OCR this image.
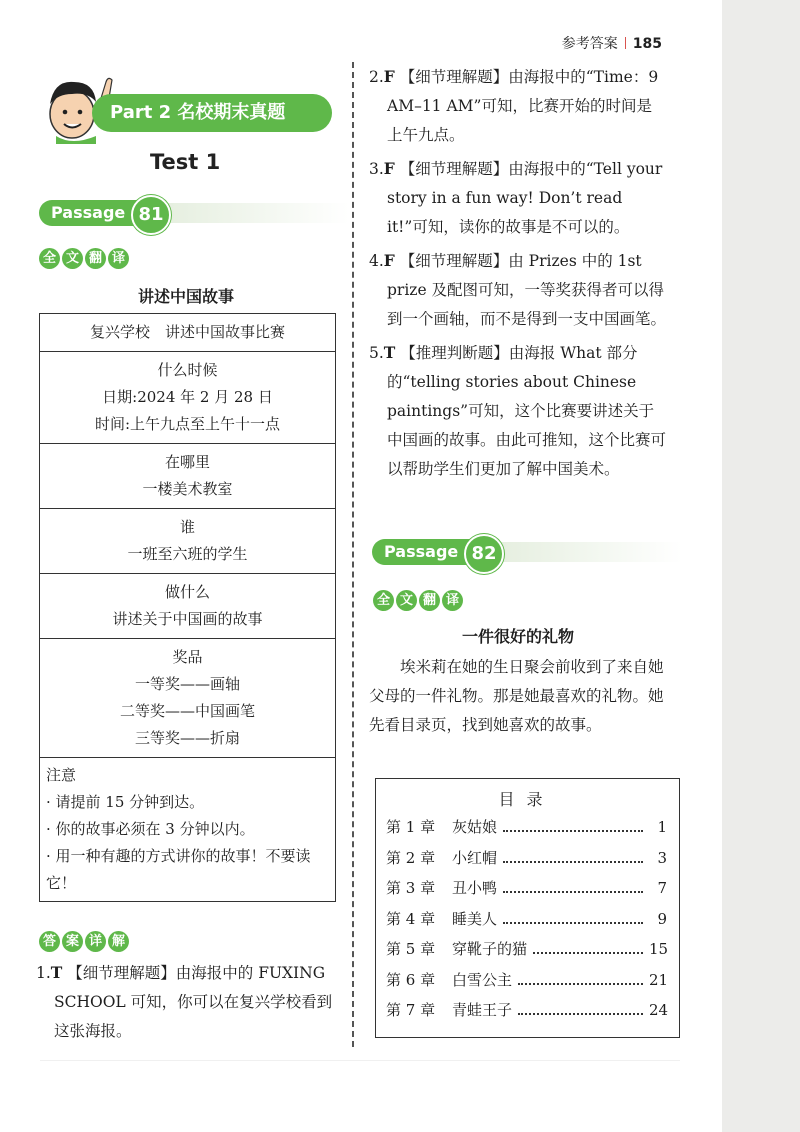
参考答案 185
Part 2 名校期末真题
Test 1
Passage 81
全 文 翻 译
讲述中国故事
复兴学校　讲述中国故事比赛
什么时候
日期:2024 年 2 月 28 日
时间:上午九点至上午十一点
在哪里
一楼美术教室
谁
一班至六班的学生
做什么
讲述关于中国画的故事
奖品
一等奖——画轴
二等奖——中国画笔
三等奖——折扇
注意
· 请提前 15 分钟到达。
· 你的故事必须在 3 分钟以内。
· 用一种有趣的方式讲你的故事！不要读它！
答 案 详 解
1.T 【细节理解题】由海报中的 FUXING SCHOOL 可知，你可以在复兴学校看到这张海报。
2.F 【细节理解题】由海报中的“Time：9 AM–11 AM”可知，比赛开始的时间是上午九点。
3.F 【细节理解题】由海报中的“Tell your story in a fun way! Don’t read it!”可知，读你的故事是不可以的。
4.F 【细节理解题】由 Prizes 中的 1st prize 及配图可知，一等奖获得者可以得到一个画轴，而不是得到一支中国画笔。
5.T 【推理判断题】由海报 What 部分的“telling stories about Chinese paintings”可知，这个比赛要讲述关于中国画的故事。由此可推知，这个比赛可以帮助学生们更加了解中国美术。
Passage 82
全 文 翻 译
一件很好的礼物
埃米莉在她的生日聚会前收到了来自她父母的一件礼物。那是她最喜欢的礼物。她先看目录页，找到她喜欢的故事。
目录
第 1 章	灰姑娘	1
第 2 章	小红帽	3
第 3 章	丑小鸭	7
第 4 章	睡美人	9
第 5 章	穿靴子的猫	15
第 6 章	白雪公主	21
第 7 章	青蛙王子	24
